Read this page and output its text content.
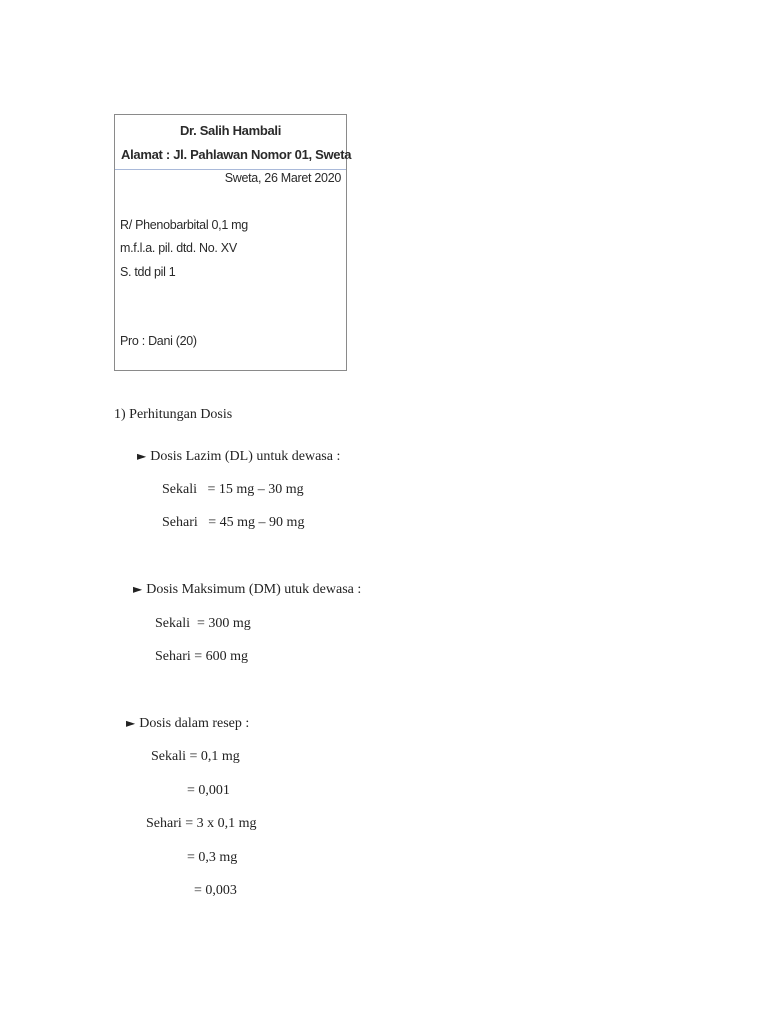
Dr. Salih Hambali
Alamat : Jl. Pahlawan Nomor 01, Sweta
Sweta, 26 Maret 2020
R/ Phenobarbital 0,1 mg
m.f.l.a. pil. dtd. No. XV
S. tdd pil 1
Pro : Dani (20)
1) Perhitungan Dosis
► Dosis Lazim (DL) untuk dewasa :
Sekali   = 15 mg – 30 mg
Sehari   = 45 mg – 90 mg
► Dosis Maksimum (DM) utuk dewasa :
Sekali  = 300 mg
Sehari = 600 mg
► Dosis dalam resep :
Sekali = 0,1 mg
= 0,001
Sehari = 3 x 0,1 mg
= 0,3 mg
= 0,003
